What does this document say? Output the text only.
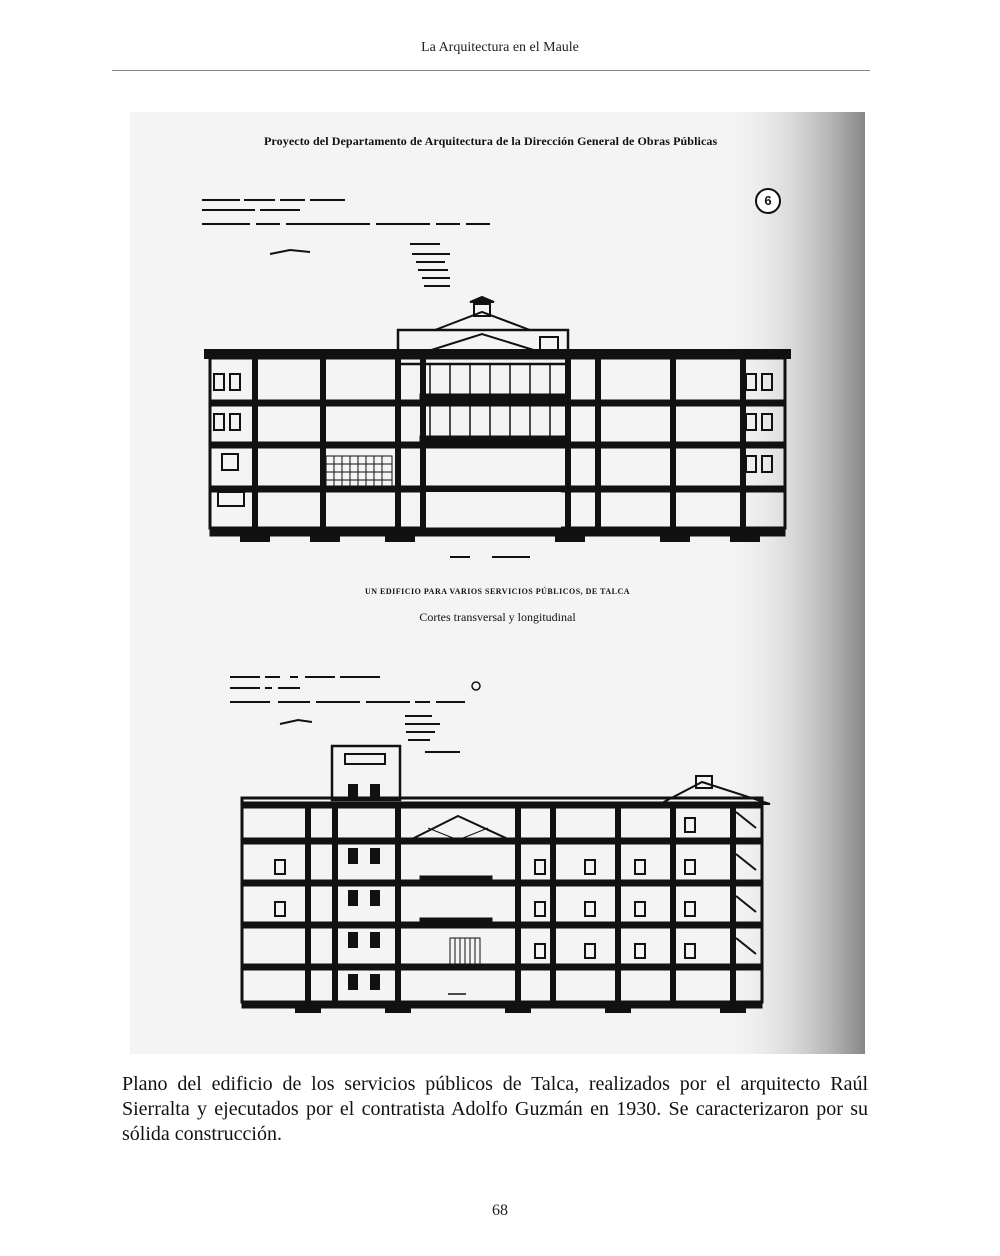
La Arquitectura en el Maule
Proyecto del Departamento de Arquitectura de la Dirección General de Obras Públicas
6
UN EDIFICIO PARA VARIOS SERVICIOS PÚBLICOS, DE TALCA
Cortes transversal y longitudinal
Plano del edificio de los servicios públicos de Talca, realizados por el arquitecto Raúl Sierralta y ejecutados por el contratista Adolfo Guzmán en 1930. Se caracterizaron por su sólida construcción.
68
